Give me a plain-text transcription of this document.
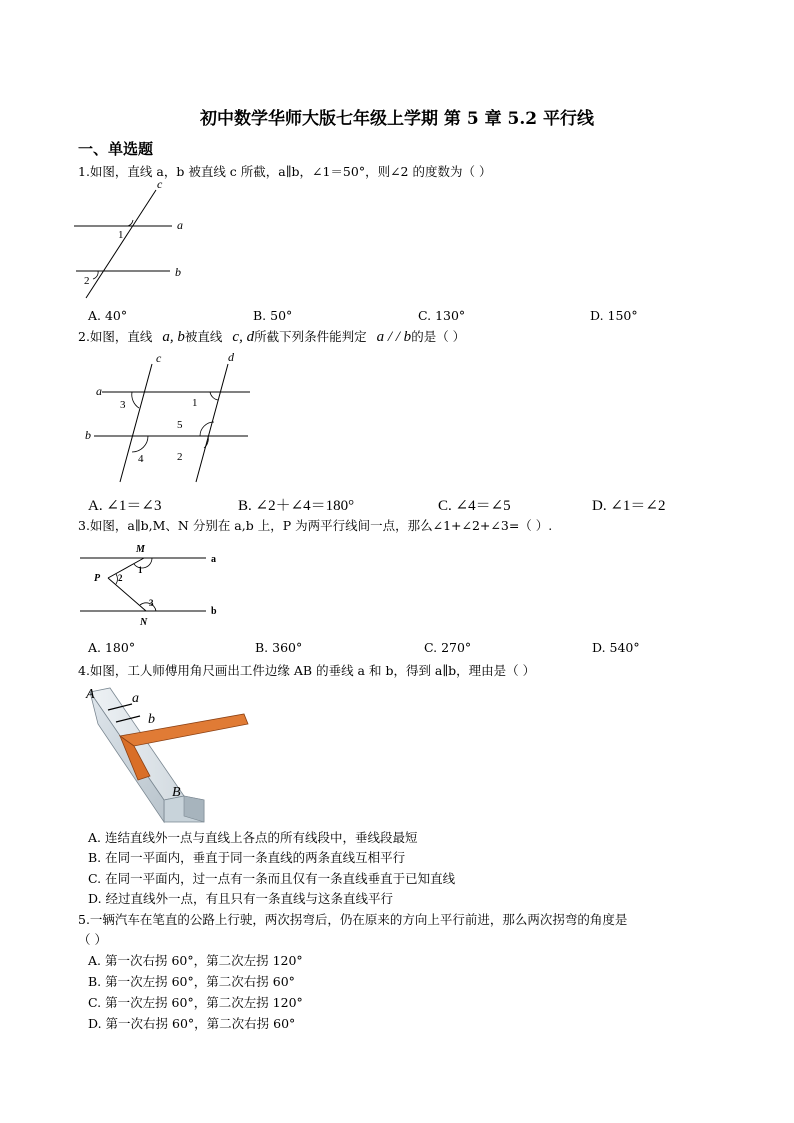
初中数学华师大版七年级上学期 第 5 章 5.2 平行线
一、单选题
1.如图，直线 a，b 被直线 c 所截，a∥b，∠1＝50°，则∠2 的度数为（ ）
c
a
b
1
2
A. 40°	B. 50°	C. 130°	D. 150°
2.如图，直线 a, b被直线 c, d所截下列条件能判定 a / / b的是（ ）
c	d
a
b
1
2
3
4
5
A. ∠1＝∠3	B. ∠2＋∠4＝180°	C. ∠4＝∠5	D. ∠1＝∠2
3.如图，a∥b,M、N 分别在 a,b 上，P 为两平行线间一点，那么∠1+∠2+∠3=（ ）.
M
N
P
a
b
1
2
3
A. 180°	B. 360°	C. 270°	D. 540°
4.如图，工人师傅用角尺画出工件边缘 AB 的垂线 a 和 b，得到 a∥b，理由是（ ）
A	a
b
B
A. 连结直线外一点与直线上各点的所有线段中，垂线段最短
B. 在同一平面内，垂直于同一条直线的两条直线互相平行
C. 在同一平面内，过一点有一条而且仅有一条直线垂直于已知直线
D. 经过直线外一点，有且只有一条直线与这条直线平行
5.一辆汽车在笔直的公路上行驶，两次拐弯后，仍在原来的方向上平行前进，那么两次拐弯的角度是
（ ）
A. 第一次右拐 60°，第二次左拐 120°
B. 第一次左拐 60°，第二次右拐 60°
C. 第一次左拐 60°，第二次左拐 120°
D. 第一次右拐 60°，第二次右拐 60°
